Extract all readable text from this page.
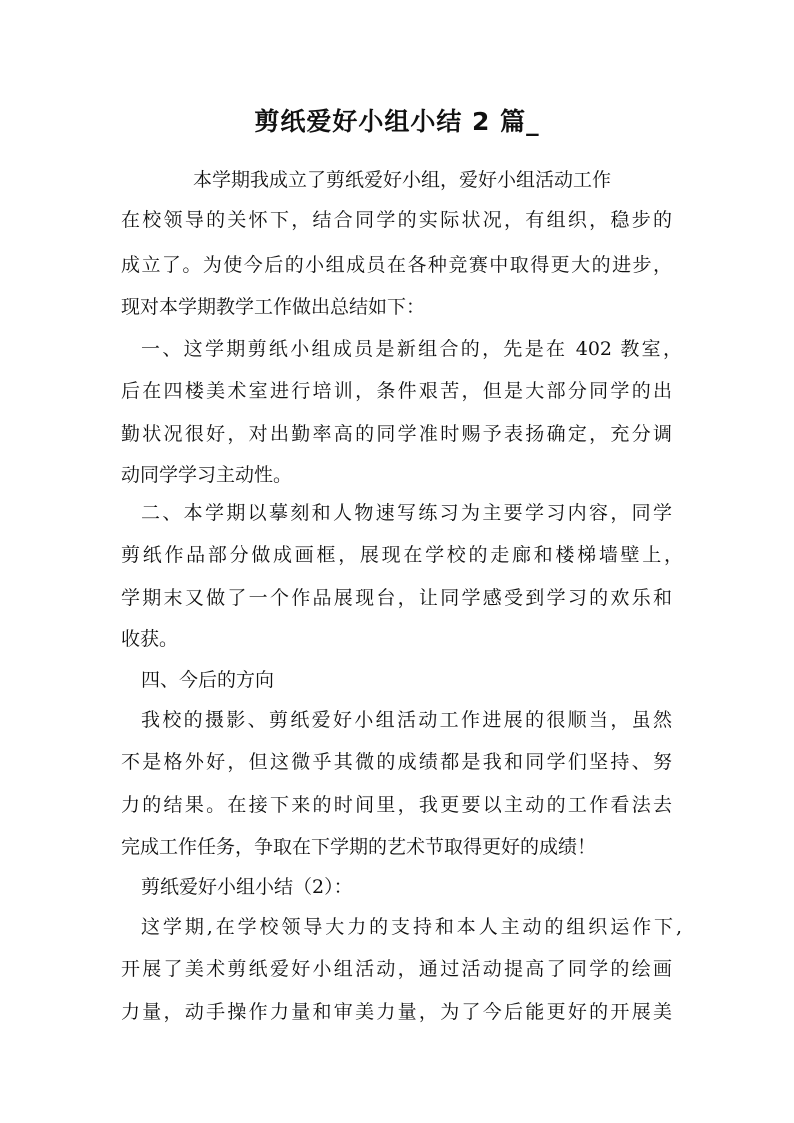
剪纸爱好小组小结 2 篇_
本学期我成立了剪纸爱好小组，爱好小组活动工作
在校领导的关怀下，结合同学的实际状况，有组织，稳步的
成立了。为使今后的小组成员在各种竞赛中取得更大的进步，
现对本学期教学工作做出总结如下：
一、这学期剪纸小组成员是新组合的，先是在 402 教室，
后在四楼美术室进行培训，条件艰苦，但是大部分同学的出
勤状况很好，对出勤率高的同学准时赐予表扬确定，充分调
动同学学习主动性。
二、本学期以摹刻和人物速写练习为主要学习内容，同学
剪纸作品部分做成画框，展现在学校的走廊和楼梯墙壁上，
学期末又做了一个作品展现台，让同学感受到学习的欢乐和
收获。
四、今后的方向
我校的摄影、剪纸爱好小组活动工作进展的很顺当，虽然
不是格外好，但这微乎其微的成绩都是我和同学们坚持、努
力的结果。在接下来的时间里，我更要以主动的工作看法去
完成工作任务，争取在下学期的艺术节取得更好的成绩！
剪纸爱好小组小结（2）：
这学期,在学校领导大力的支持和本人主动的组织运作下,
开展了美术剪纸爱好小组活动，通过活动提高了同学的绘画
力量，动手操作力量和审美力量，为了今后能更好的开展美
